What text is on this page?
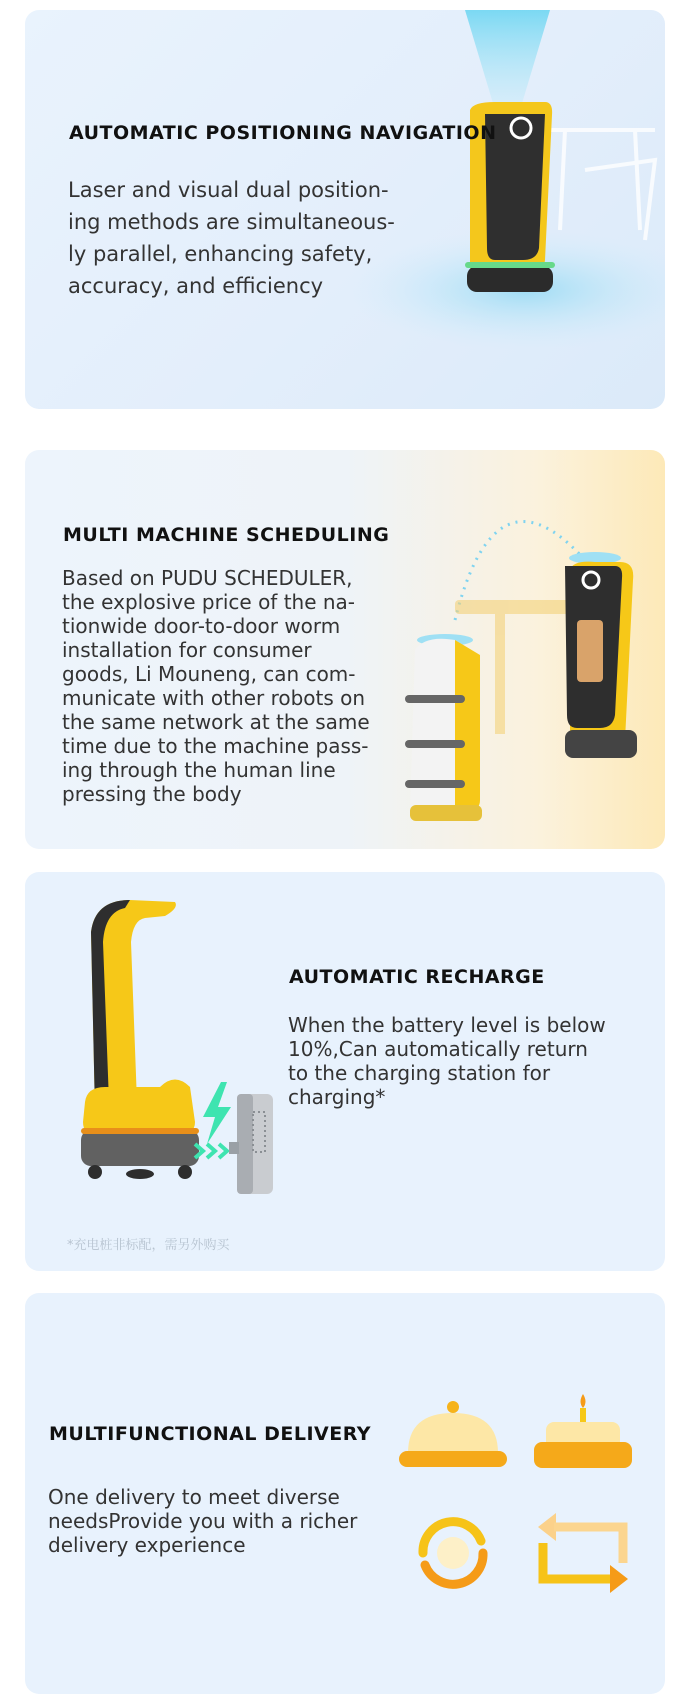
AUTOMATIC POSITIONING NAVIGATION
Laser and visual dual position-
ing methods are simultaneous-
ly parallel, enhancing safety,
accuracy, and efficiency
MULTI MACHINE SCHEDULING
Based on PUDU SCHEDULER,
the explosive price of the na-
tionwide door-to-door worm
installation for consumer
goods, Li Mouneng, can com-
municate with other robots on
the same network at the same
time due to the machine pass-
ing through the human line
pressing the body
AUTOMATIC RECHARGE
When the battery level is below
10%,Can automatically return
to the charging station for
charging*
*充电桩非标配，需另外购买
MULTIFUNCTIONAL DELIVERY
One delivery to meet diverse
needsProvide you with a richer
delivery experience
